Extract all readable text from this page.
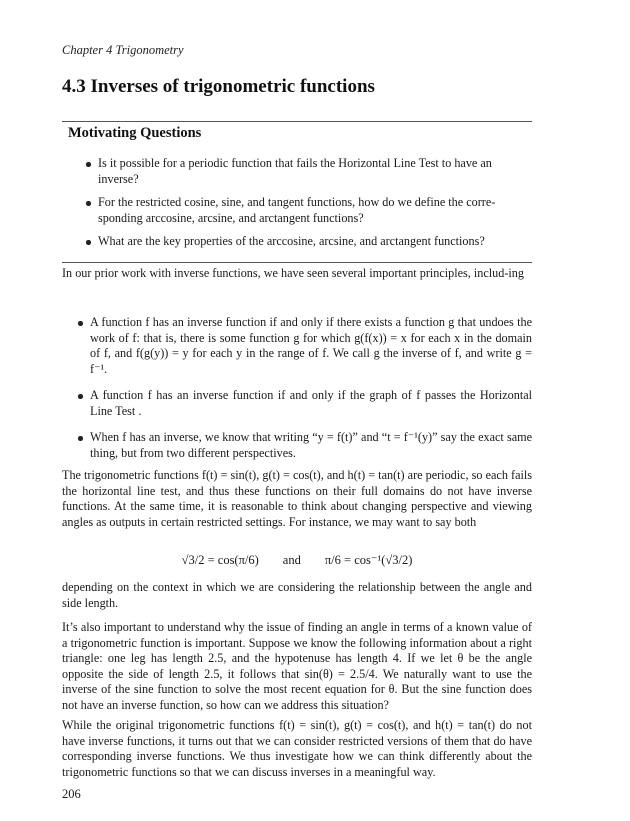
Chapter 4 Trigonometry
4.3 Inverses of trigonometric functions
Motivating Questions
Is it possible for a periodic function that fails the Horizontal Line Test to have an inverse?
For the restricted cosine, sine, and tangent functions, how do we define the corre-sponding arccosine, arcsine, and arctangent functions?
What are the key properties of the arccosine, arcsine, and arctangent functions?

In our prior work with inverse functions, we have seen several important principles, includ-ing

A function f has an inverse function if and only if there exists a function g that undoes the work of f: that is, there is some function g for which g(f(x)) = x for each x in the domain of f, and f(g(y)) = y for each y in the range of f. We call g the inverse of f, and write g = f⁻¹.
A function f has an inverse function if and only if the graph of f passes the Horizontal Line Test .
When f has an inverse, we know that writing “y = f(t)” and “t = f⁻¹(y)” say the exact same thing, but from two different perspectives.

The trigonometric functions f(t) = sin(t), g(t) = cos(t), and h(t) = tan(t) are periodic, so each fails the horizontal line test, and thus these functions on their full domains do not have inverse functions. At the same time, it is reasonable to think about changing perspective and viewing angles as outputs in certain restricted settings. For instance, we may want to say both

√3/2 = cos(π/6) and π/6 = cos⁻¹(√3/2)

depending on the context in which we are considering the relationship between the angle and side length.

It’s also important to understand why the issue of finding an angle in terms of a known value of a trigonometric function is important. Suppose we know the following information about a right triangle: one leg has length 2.5, and the hypotenuse has length 4. If we let θ be the angle opposite the side of length 2.5, it follows that sin(θ) = 2.5/4. We naturally want to use the inverse of the sine function to solve the most recent equation for θ. But the sine function does not have an inverse function, so how can we address this situation?

While the original trigonometric functions f(t) = sin(t), g(t) = cos(t), and h(t) = tan(t) do not have inverse functions, it turns out that we can consider restricted versions of them that do have corresponding inverse functions. We thus investigate how we can think differently about the trigonometric functions so that we can discuss inverses in a meaningful way.

206
